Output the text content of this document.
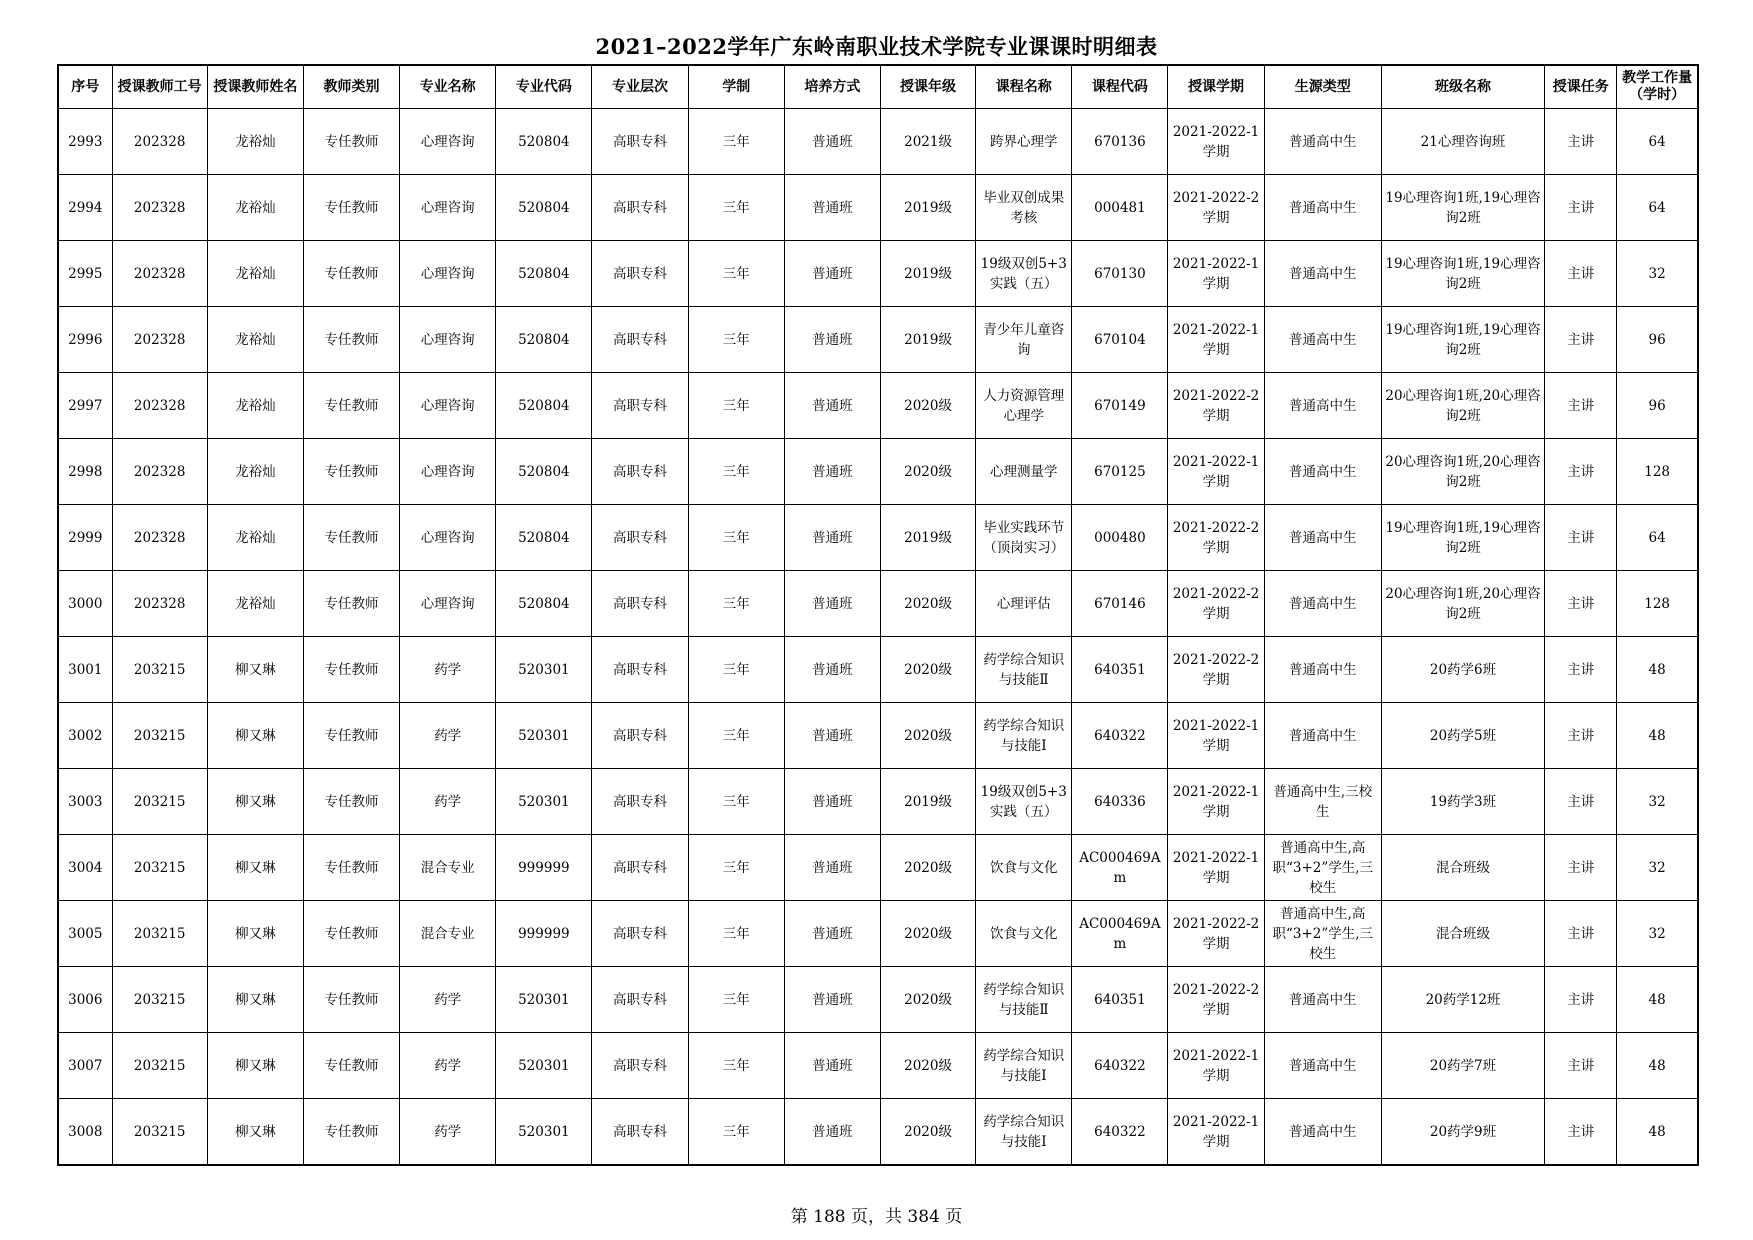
2021–2022学年广东岭南职业技术学院专业课课时明细表
序号	授课教师工号	授课教师姓名	教师类别	专业名称	专业代码	专业层次	学制	培养方式	授课年级	课程名称	课程代码	授课学期	生源类型	班级名称	授课任务	教学工作量（学时）
2993	202328	龙裕灿	专任教师	心理咨询	520804	高职专科	三年	普通班	2021级	跨界心理学	670136	2021-2022-1学期	普通高中生	21心理咨询班	主讲	64
2994	202328	龙裕灿	专任教师	心理咨询	520804	高职专科	三年	普通班	2019级	毕业双创成果考核	000481	2021-2022-2学期	普通高中生	19心理咨询1班,19心理咨询2班	主讲	64
2995	202328	龙裕灿	专任教师	心理咨询	520804	高职专科	三年	普通班	2019级	19级双创5+3实践（五）	670130	2021-2022-1学期	普通高中生	19心理咨询1班,19心理咨询2班	主讲	32
2996	202328	龙裕灿	专任教师	心理咨询	520804	高职专科	三年	普通班	2019级	青少年儿童咨询	670104	2021-2022-1学期	普通高中生	19心理咨询1班,19心理咨询2班	主讲	96
2997	202328	龙裕灿	专任教师	心理咨询	520804	高职专科	三年	普通班	2020级	人力资源管理心理学	670149	2021-2022-2学期	普通高中生	20心理咨询1班,20心理咨询2班	主讲	96
2998	202328	龙裕灿	专任教师	心理咨询	520804	高职专科	三年	普通班	2020级	心理测量学	670125	2021-2022-1学期	普通高中生	20心理咨询1班,20心理咨询2班	主讲	128
2999	202328	龙裕灿	专任教师	心理咨询	520804	高职专科	三年	普通班	2019级	毕业实践环节（顶岗实习）	000480	2021-2022-2学期	普通高中生	19心理咨询1班,19心理咨询2班	主讲	64
3000	202328	龙裕灿	专任教师	心理咨询	520804	高职专科	三年	普通班	2020级	心理评估	670146	2021-2022-2学期	普通高中生	20心理咨询1班,20心理咨询2班	主讲	128
3001	203215	柳又琳	专任教师	药学	520301	高职专科	三年	普通班	2020级	药学综合知识与技能Ⅱ	640351	2021-2022-2学期	普通高中生	20药学6班	主讲	48
3002	203215	柳又琳	专任教师	药学	520301	高职专科	三年	普通班	2020级	药学综合知识与技能Ⅰ	640322	2021-2022-1学期	普通高中生	20药学5班	主讲	48
3003	203215	柳又琳	专任教师	药学	520301	高职专科	三年	普通班	2019级	19级双创5+3实践（五）	640336	2021-2022-1学期	普通高中生,三校生	19药学3班	主讲	32
3004	203215	柳又琳	专任教师	混合专业	999999	高职专科	三年	普通班	2020级	饮食与文化	AC000469Am	2021-2022-1学期	普通高中生,高职“3+2”学生,三校生	混合班级	主讲	32
3005	203215	柳又琳	专任教师	混合专业	999999	高职专科	三年	普通班	2020级	饮食与文化	AC000469Am	2021-2022-2学期	普通高中生,高职“3+2”学生,三校生	混合班级	主讲	32
3006	203215	柳又琳	专任教师	药学	520301	高职专科	三年	普通班	2020级	药学综合知识与技能Ⅱ	640351	2021-2022-2学期	普通高中生	20药学12班	主讲	48
3007	203215	柳又琳	专任教师	药学	520301	高职专科	三年	普通班	2020级	药学综合知识与技能Ⅰ	640322	2021-2022-1学期	普通高中生	20药学7班	主讲	48
3008	203215	柳又琳	专任教师	药学	520301	高职专科	三年	普通班	2020级	药学综合知识与技能Ⅰ	640322	2021-2022-1学期	普通高中生	20药学9班	主讲	48
第 188 页，共 384 页
